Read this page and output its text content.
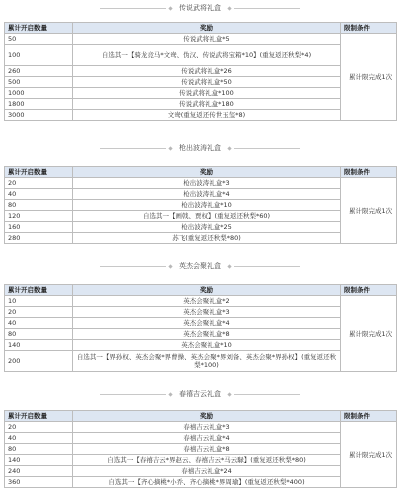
传说武将礼盒
累计开启数量	奖励	限制条件
50	传说武将礼盒*5	累计限完成1次
100	自选其一【骑龙竞马*文鸯、伪汉、传说武将宝箱*10】(重复返还秋梨*4)	
260	传说武将礼盒*26	
500	传说武将礼盒*50	
1000	传说武将礼盒*100	
1800	传说武将礼盒*180	
3000	文鸯(重复返还传世玉玺*8)	
枪出波涛礼盒
累计开启数量	奖励	限制条件
20	枪出波涛礼盒*3	累计限完成1次
40	枪出波涛礼盒*4	
80	枪出波涛礼盒*10	
120	自选其一【画戟、贾权】(重复返还秋梨*60)	
160	枪出波涛礼盒*25	
280	苏飞(重复返还秋梨*80)	
英杰会聚礼盒
累计开启数量	奖励	限制条件
10	英杰会聚礼盒*2	累计限完成1次
20	英杰会聚礼盒*3	
40	英杰会聚礼盒*4	
80	英杰会聚礼盒*8	
140	英杰会聚礼盒*10	
200	自选其一【界孙权、英杰会聚*界曹操、英杰会聚*界刘备、英杰会聚*界孙权】(重复返还秋梨*100)	
春禧吉云礼盒
累计开启数量	奖励	限制条件
20	春禧吉云礼盒*3	累计限完成1次
40	春禧吉云礼盒*4	
80	春禧吉云礼盒*8	
140	自选其一【春禧吉云*界赵云、春禧吉云*马云騄】(重复返还秋梨*80)	
240	春禧吉云礼盒*24	
360	自选其一【齐心摘桃*小乔、齐心摘桃*界周瑜】(重复返还秋梨*400)	
